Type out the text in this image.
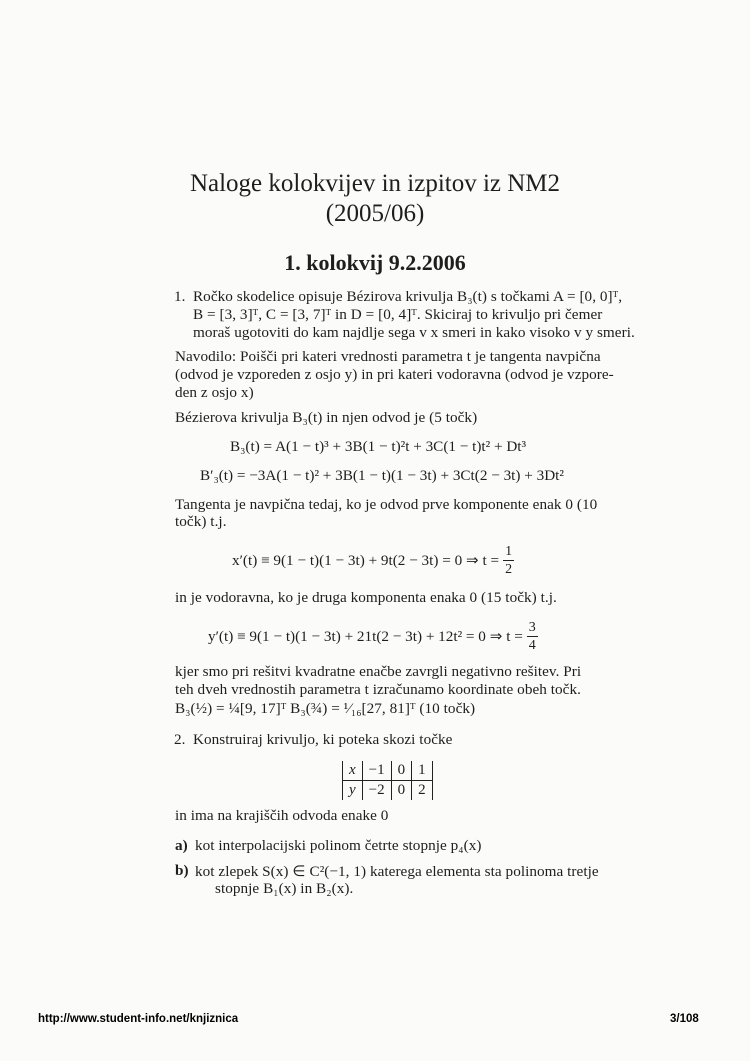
Naloge kolokvijev in izpitov iz NM2
(2005/06)
1. kolokvij 9.2.2006
1. Ročko skodelice opisuje Bézirova krivulja B₃(t) s točkami A = [0, 0]ᵀ,
B = [3, 3]ᵀ, C = [3, 7]ᵀ in D = [0, 4]ᵀ. Skiciraj to krivuljo pri čemer
moraš ugotoviti do kam najdlje sega v x smeri in kako visoko v y smeri.
Navodilo: Poišči pri kateri vrednosti parametra t je tangenta navpična
(odvod je vzporeden z osjo y) in pri kateri vodoravna (odvod je vzpore-
den z osjo x)
Bézierova krivulja B₃(t) in njen odvod je (5 točk)
B₃(t) = A(1 − t)³ + 3B(1 − t)²t + 3C(1 − t)t² + Dt³
B′₃(t) = −3A(1 − t)² + 3B(1 − t)(1 − 3t) + 3Ct(2 − 3t) + 3Dt²
Tangenta je navpična tedaj, ko je odvod prve komponente enak 0 (10
točk) t.j.
x′(t) ≡ 9(1 − t)(1 − 3t) + 9t(2 − 3t) = 0 ⇒ $t = \frac{1}{2}$
in je vodoravna, ko je druga komponenta enaka 0 (15 točk) t.j.
y′(t) ≡ 9(1 − t)(1 − 3t) + 21t(2 − 3t) + 12t² = 0 ⇒ $t = \frac{3}{4}$
kjer smo pri rešitvi kvadratne enačbe zavrgli negativno rešitev. Pri
teh dveh vrednostih parametra t izračunamo koordinate obeh točk.
B₃(½) = ¼[9, 17]ᵀ B₃(¾) = ¹⁄₁₆[27, 81]ᵀ (10 točk)
2. Konstruiraj krivuljo, ki poteka skozi točke
x	−1	0	1
y	−2	0	2
in ima na krajiščih odvoda enake 0
a) kot interpolacijski polinom četrte stopnje p₄(x)
b) kot zlepek S(x) ∈ C²(−1, 1) katerega elementa sta polinoma tretje
stopnje B₁(x) in B₂(x).
http://www.student-info.net/knjiznica	3/108
